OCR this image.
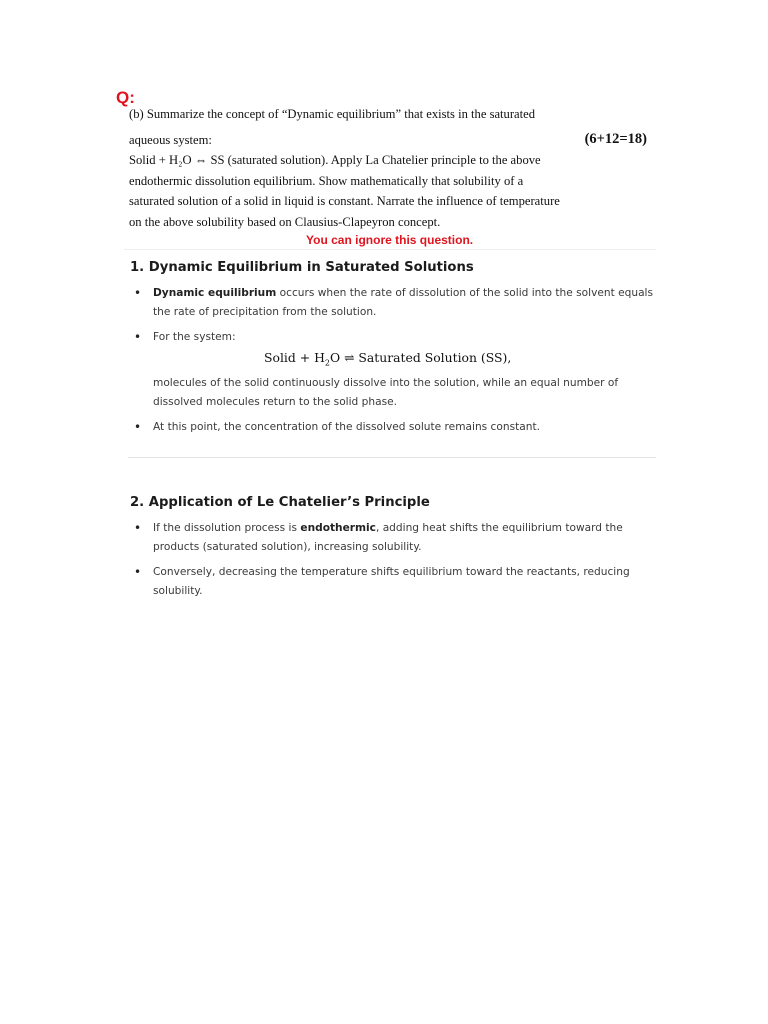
Q:
(b) Summarize the concept of “Dynamic equilibrium” that exists in the saturated
aqueous system:	(6+12=18)
Solid + H₂O ⇔ SS (saturated solution). Apply La Chatelier principle to the above
endothermic dissolution equilibrium. Show mathematically that solubility of a
saturated solution of a solid in liquid is constant. Narrate the influence of temperature
on the above solubility based on Clausius-Clapeyron concept.
You can ignore this question.
1. Dynamic Equilibrium in Saturated Solutions
• Dynamic equilibrium occurs when the rate of dissolution of the solid into the solvent equals the rate of precipitation from the solution.
• For the system:
Solid + $H_2O$ ⇌ Saturated Solution (SS),
molecules of the solid continuously dissolve into the solution, while an equal number of dissolved molecules return to the solid phase.
• At this point, the concentration of the dissolved solute remains constant.
2. Application of Le Chatelier’s Principle
• If the dissolution process is endothermic, adding heat shifts the equilibrium toward the products (saturated solution), increasing solubility.
• Conversely, decreasing the temperature shifts equilibrium toward the reactants, reducing solubility.
